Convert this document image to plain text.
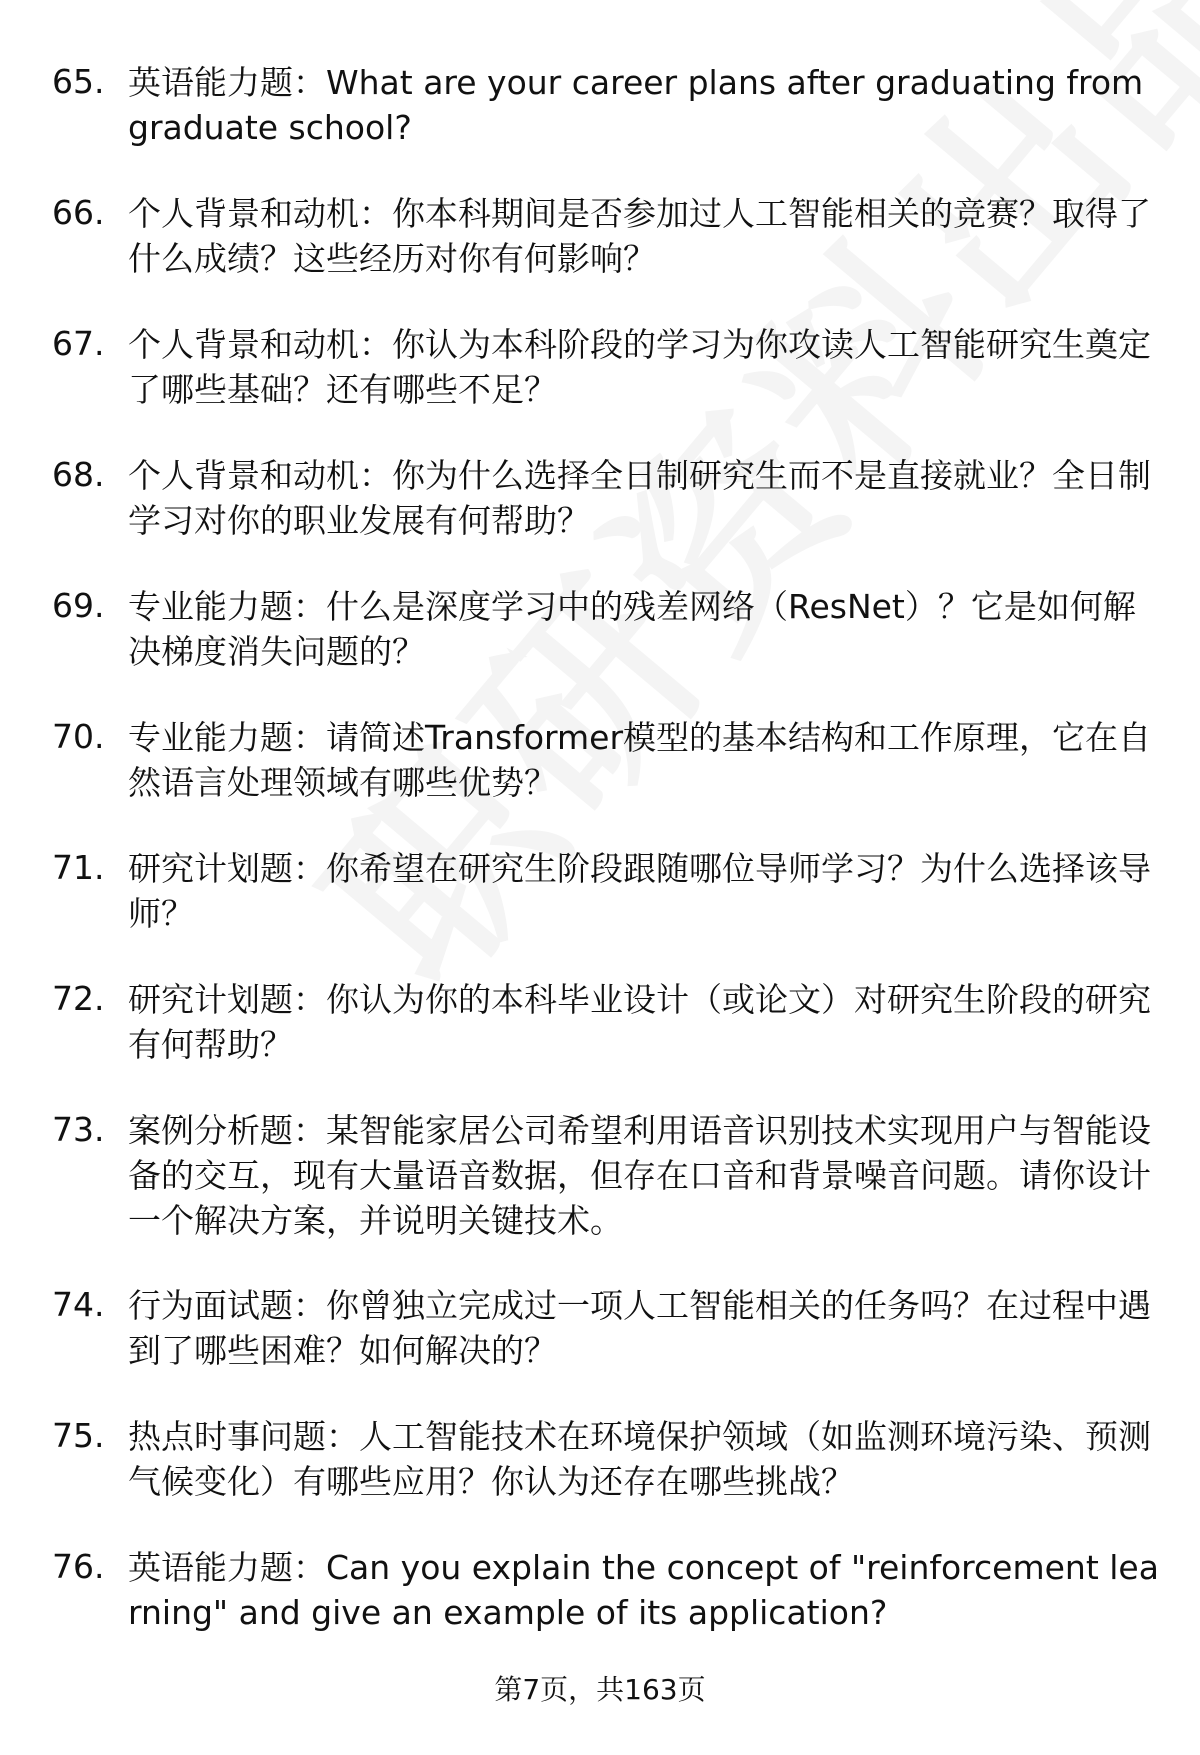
65. 英语能力题：What are your career plans after graduating from graduate school?
66. 个人背景和动机：你本科期间是否参加过人工智能相关的竞赛？取得了什么成绩？这些经历对你有何影响？
67. 个人背景和动机：你认为本科阶段的学习为你攻读人工智能研究生奠定了哪些基础？还有哪些不足？
68. 个人背景和动机：你为什么选择全日制研究生而不是直接就业？全日制学习对你的职业发展有何帮助？
69. 专业能力题：什么是深度学习中的残差网络（ResNet）？它是如何解决梯度消失问题的？
70. 专业能力题：请简述Transformer模型的基本结构和工作原理，它在自然语言处理领域有哪些优势？
71. 研究计划题：你希望在研究生阶段跟随哪位导师学习？为什么选择该导师？
72. 研究计划题：你认为你的本科毕业设计（或论文）对研究生阶段的研究有何帮助？
73. 案例分析题：某智能家居公司希望利用语音识别技术实现用户与智能设备的交互，现有大量语音数据，但存在口音和背景噪音问题。请你设计一个解决方案，并说明关键技术。
74. 行为面试题：你曾独立完成过一项人工智能相关的任务吗？在过程中遇到了哪些困难？如何解决的？
75. 热点时事问题：人工智能技术在环境保护领域（如监测环境污染、预测气候变化）有哪些应用？你认为还存在哪些挑战？
76. 英语能力题：Can you explain the concept of "reinforcement learning" and give an example of its application?
第7页，共163页
